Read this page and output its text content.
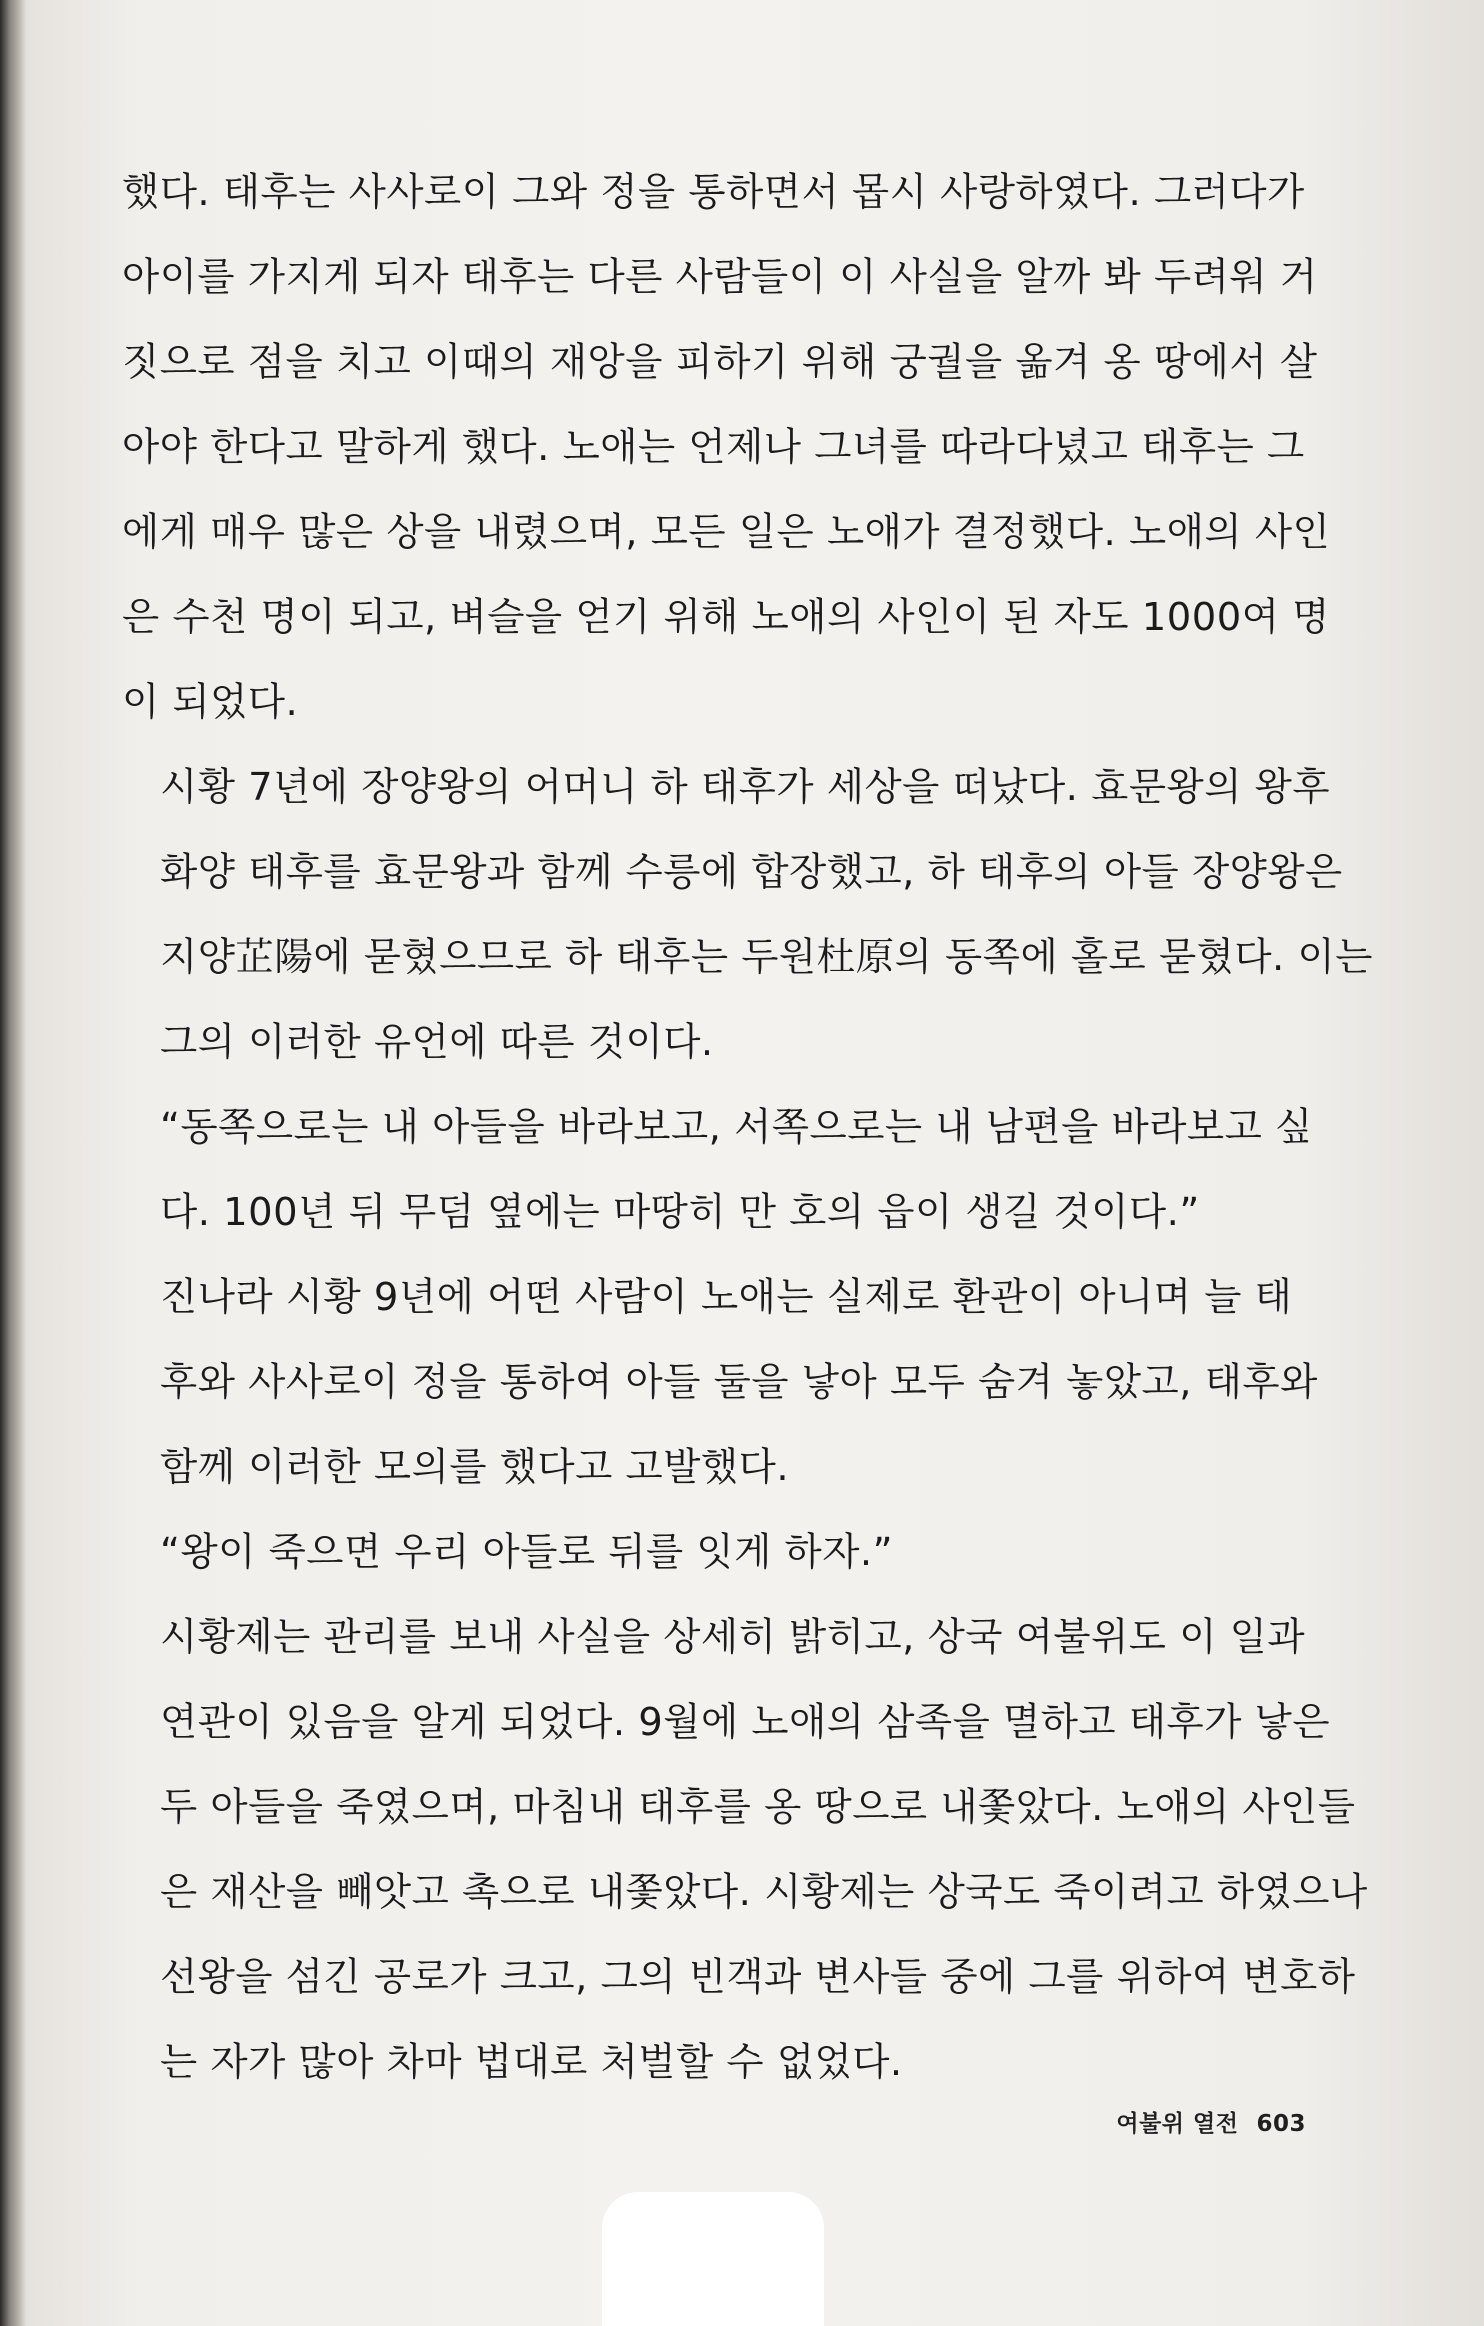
했다. 태후는 사사로이 그와 정을 통하면서 몹시 사랑하였다. 그러다가
아이를 가지게 되자 태후는 다른 사람들이 이 사실을 알까 봐 두려워 거
짓으로 점을 치고 이때의 재앙을 피하기 위해 궁궐을 옮겨 옹 땅에서 살
아야 한다고 말하게 했다. 노애는 언제나 그녀를 따라다녔고 태후는 그
에게 매우 많은 상을 내렸으며, 모든 일은 노애가 결정했다. 노애의 사인
은 수천 명이 되고, 벼슬을 얻기 위해 노애의 사인이 된 자도 1000여 명
이 되었다.

시황 7년에 장양왕의 어머니 하 태후가 세상을 떠났다. 효문왕의 왕후
화양 태후를 효문왕과 함께 수릉에 합장했고, 하 태후의 아들 장양왕은
지양芷陽에 묻혔으므로 하 태후는 두원杜原의 동쪽에 홀로 묻혔다. 이는
그의 이러한 유언에 따른 것이다.

“동쪽으로는 내 아들을 바라보고, 서쪽으로는 내 남편을 바라보고 싶
다. 100년 뒤 무덤 옆에는 마땅히 만 호의 읍이 생길 것이다.”

진나라 시황 9년에 어떤 사람이 노애는 실제로 환관이 아니며 늘 태
후와 사사로이 정을 통하여 아들 둘을 낳아 모두 숨겨 놓았고, 태후와
함께 이러한 모의를 했다고 고발했다.

“왕이 죽으면 우리 아들로 뒤를 잇게 하자.”

시황제는 관리를 보내 사실을 상세히 밝히고, 상국 여불위도 이 일과
연관이 있음을 알게 되었다. 9월에 노애의 삼족을 멸하고 태후가 낳은
두 아들을 죽였으며, 마침내 태후를 옹 땅으로 내쫓았다. 노애의 사인들
은 재산을 빼앗고 촉으로 내쫓았다. 시황제는 상국도 죽이려고 하였으나
선왕을 섬긴 공로가 크고, 그의 빈객과 변사들 중에 그를 위하여 변호하
는 자가 많아 차마 법대로 처벌할 수 없었다.

여불위 열전 603
